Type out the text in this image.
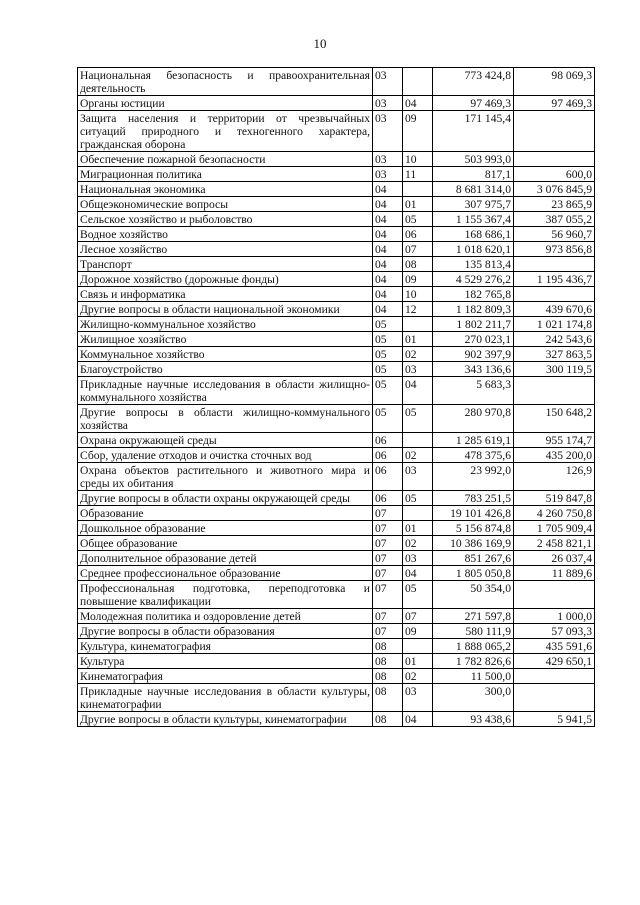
10
Национальная безопасность и правоохранительная деятельность	03		773 424,8	98 069,3
Органы юстиции	03	04	97 469,3	97 469,3
Защита населения и территории от чрезвычайных ситуаций природного и техногенного характера, гражданская оборона	03	09	171 145,4	
Обеспечение пожарной безопасности	03	10	503 993,0	
Миграционная политика	03	11	817,1	600,0
Национальная экономика	04		8 681 314,0	3 076 845,9
Общеэкономические вопросы	04	01	307 975,7	23 865,9
Сельское хозяйство и рыболовство	04	05	1 155 367,4	387 055,2
Водное хозяйство	04	06	168 686,1	56 960,7
Лесное хозяйство	04	07	1 018 620,1	973 856,8
Транспорт	04	08	135 813,4	
Дорожное хозяйство (дорожные фонды)	04	09	4 529 276,2	1 195 436,7
Связь и информатика	04	10	182 765,8	
Другие вопросы в области национальной экономики	04	12	1 182 809,3	439 670,6
Жилищно-коммунальное хозяйство	05		1 802 211,7	1 021 174,8
Жилищное хозяйство	05	01	270 023,1	242 543,6
Коммунальное хозяйство	05	02	902 397,9	327 863,5
Благоустройство	05	03	343 136,6	300 119,5
Прикладные научные исследования в области жилищно- коммунального хозяйства	05	04	5 683,3	
Другие вопросы в области жилищно-коммунального хозяйства	05	05	280 970,8	150 648,2
Охрана окружающей среды	06		1 285 619,1	955 174,7
Сбор, удаление отходов и очистка сточных вод	06	02	478 375,6	435 200,0
Охрана объектов растительного и животного мира и среды их обитания	06	03	23 992,0	126,9
Другие вопросы в области охраны окружающей среды	06	05	783 251,5	519 847,8
Образование	07		19 101 426,8	4 260 750,8
Дошкольное образование	07	01	5 156 874,8	1 705 909,4
Общее образование	07	02	10 386 169,9	2 458 821,1
Дополнительное образование детей	07	03	851 267,6	26 037,4
Среднее профессиональное образование	07	04	1 805 050,8	11 889,6
Профессиональная подготовка, переподготовка и повышение квалификации	07	05	50 354,0	
Молодежная политика и оздоровление детей	07	07	271 597,8	1 000,0
Другие вопросы в области образования	07	09	580 111,9	57 093,3
Культура, кинематография	08		1 888 065,2	435 591,6
Культура	08	01	1 782 826,6	429 650,1
Кинематография	08	02	11 500,0	
Прикладные научные исследования в области культуры, кинематографии	08	03	300,0	
Другие вопросы в области культуры, кинематографии	08	04	93 438,6	5 941,5
